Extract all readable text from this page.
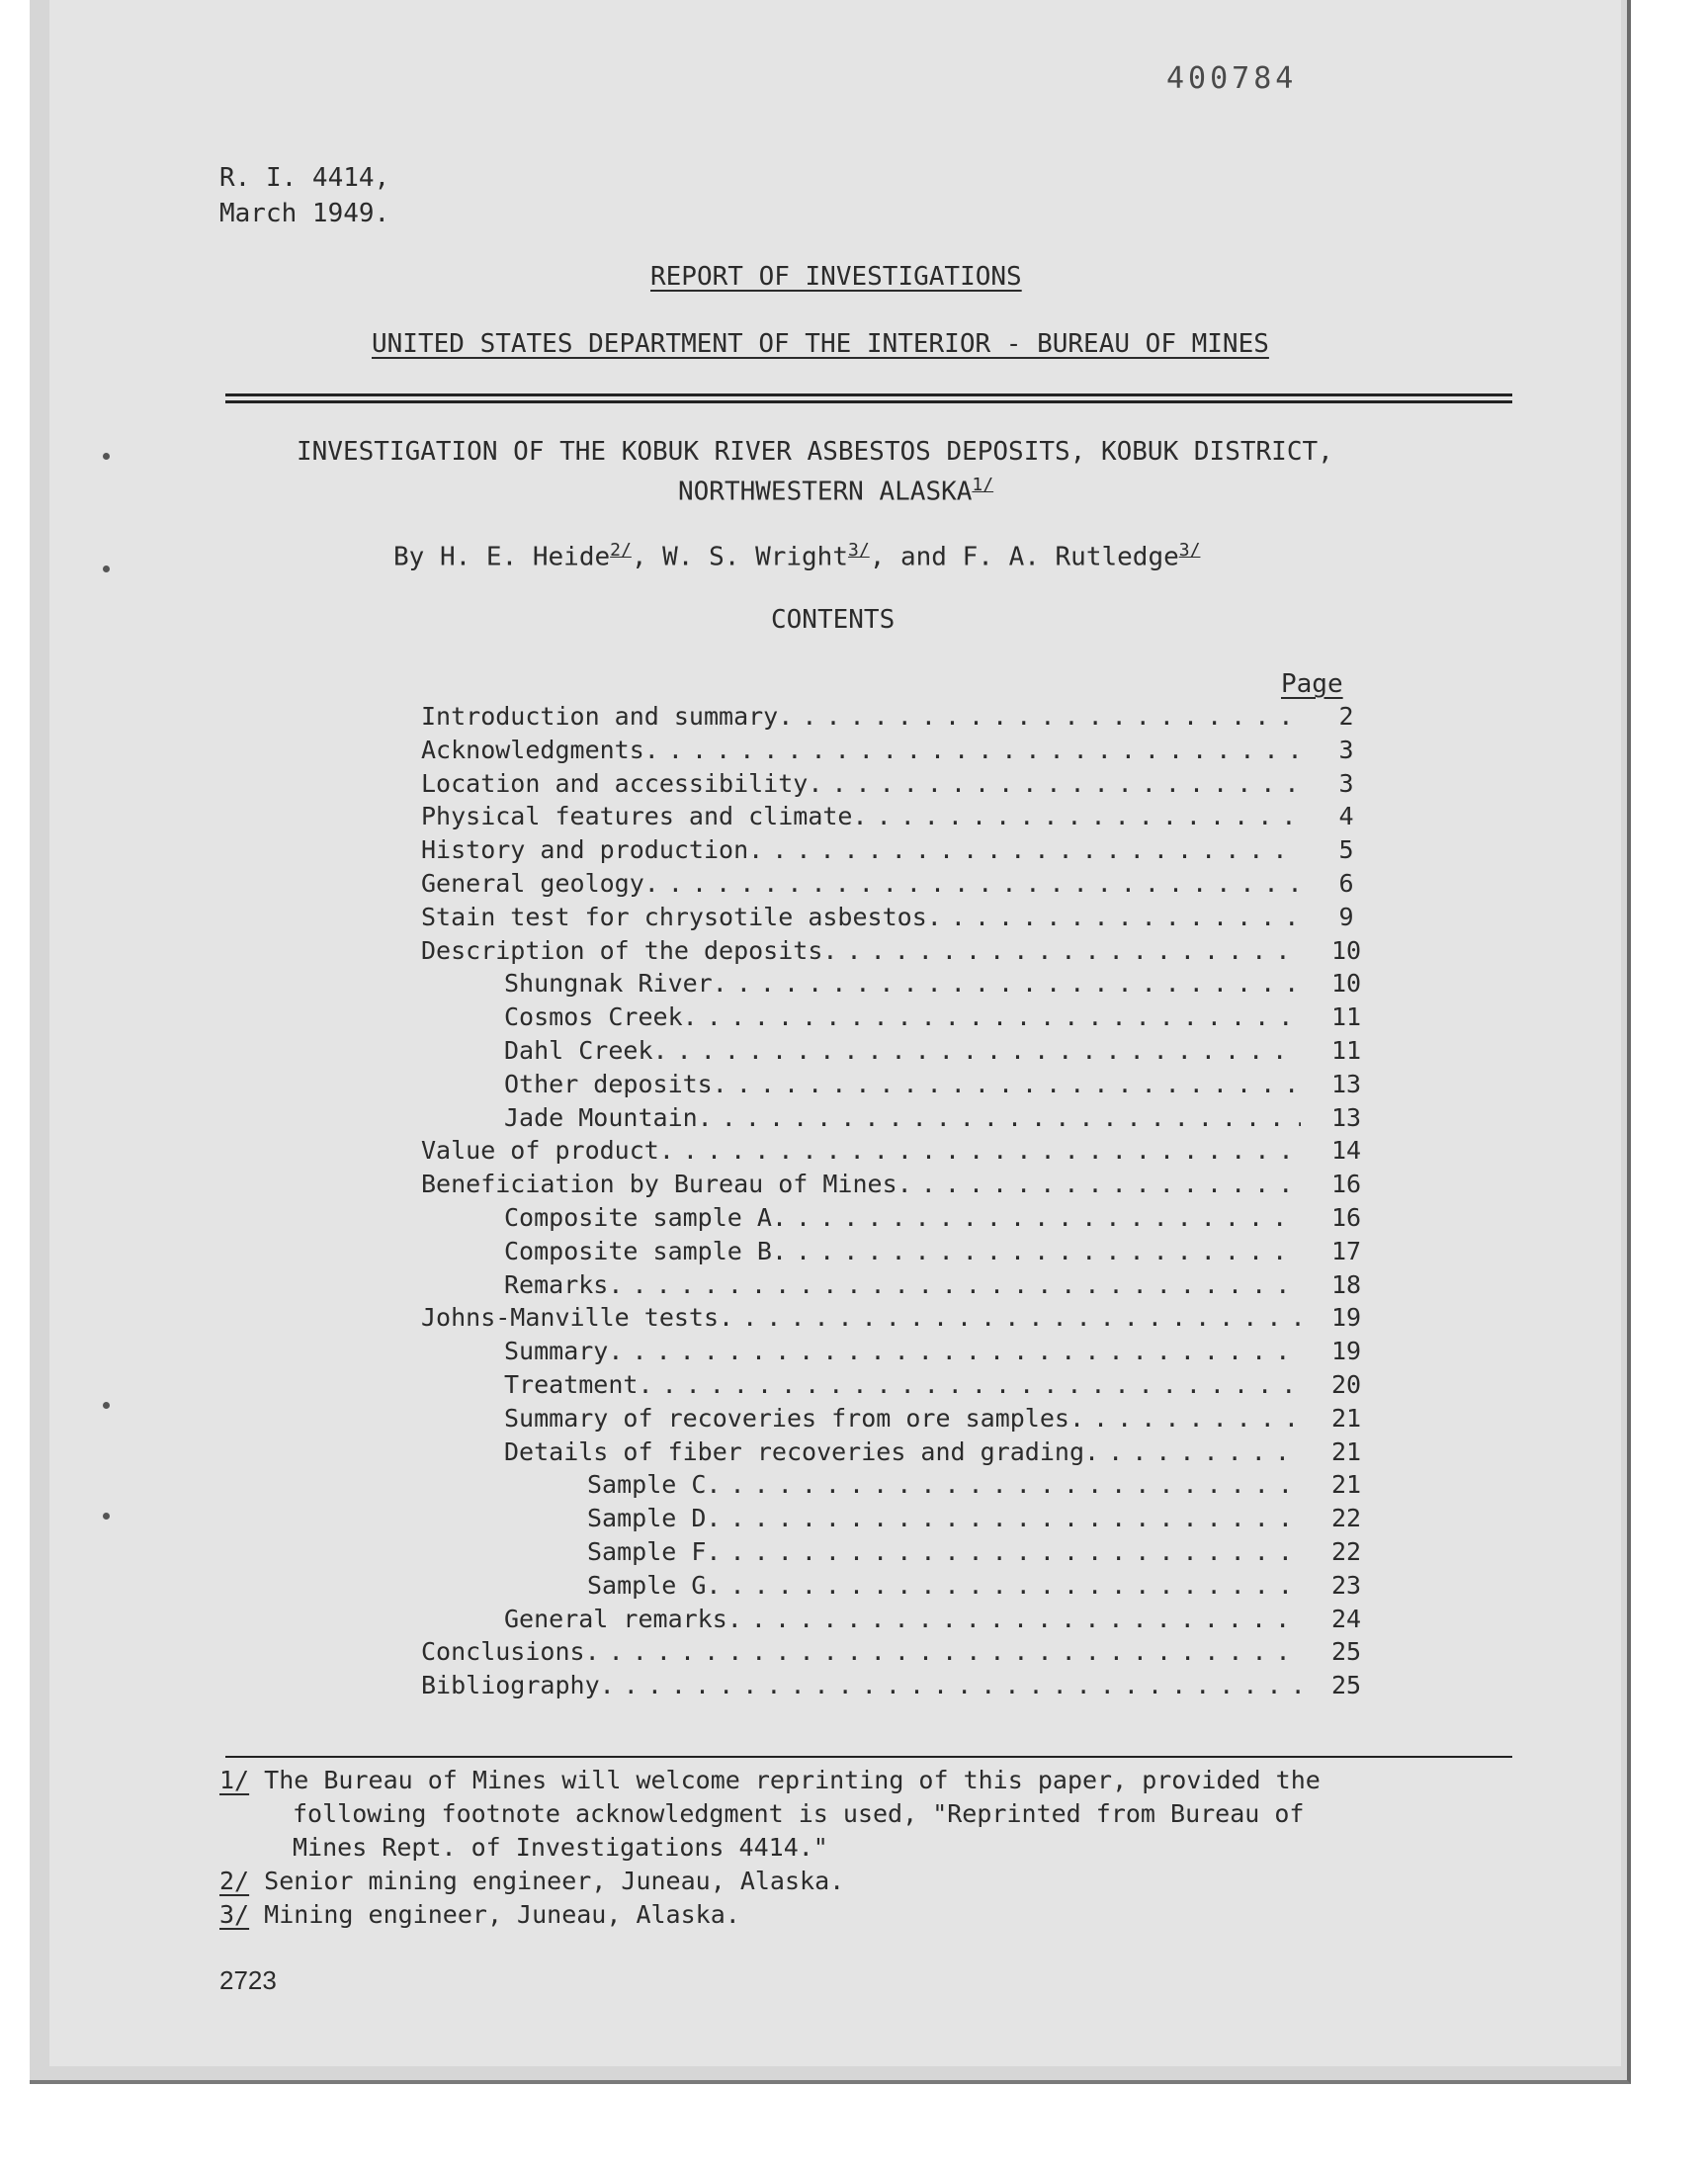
400784
R. I. 4414,
March 1949.
REPORT OF INVESTIGATIONS
UNITED STATES DEPARTMENT OF THE INTERIOR - BUREAU OF MINES
INVESTIGATION OF THE KOBUK RIVER ASBESTOS DEPOSITS, KOBUK DISTRICT,
NORTHWESTERN $ALASKA^{1/}$
By H. E. Heide$^{2/}$, W. S. Wright$^{3/}$, and F. A. Rutledge$^{3/}$
CONTENTS
Page
Introduction and summary . . .	2
Acknowledgments . . .	3
Location and accessibility . . .	3
Physical features and climate . . .	4
History and production . . .	5
General geology . . .	6
Stain test for chrysotile asbestos . . .	9
Description of the deposits . . .	10
Shungnak River . . .	10
Cosmos Creek . . .	11
Dahl Creek . . .	11
Other deposits . . .	13
Jade Mountain . . .	13
Value of product . . .	14
Beneficiation by Bureau of Mines . . .	16
Composite sample A . . .	16
Composite sample B . . .	17
Remarks . . .	18
Johns-Manville tests . . .	19
Summary . . .	19
Treatment . . .	20
Summary of recoveries from ore samples . . .	21
Details of fiber recoveries and grading . . .	21
Sample C . . .	21
Sample D . . .	22
Sample F . . .	22
Sample G . . .	23
General remarks . . .	24
Conclusions . . .	25
Bibliography . . .	25
1/ The Bureau of Mines will welcome reprinting of this paper, provided the
following footnote acknowledgment is used, "Reprinted from Bureau of
Mines Rept. of Investigations 4414."
2/ Senior mining engineer, Juneau, Alaska.
3/ Mining engineer, Juneau, Alaska.
2723
